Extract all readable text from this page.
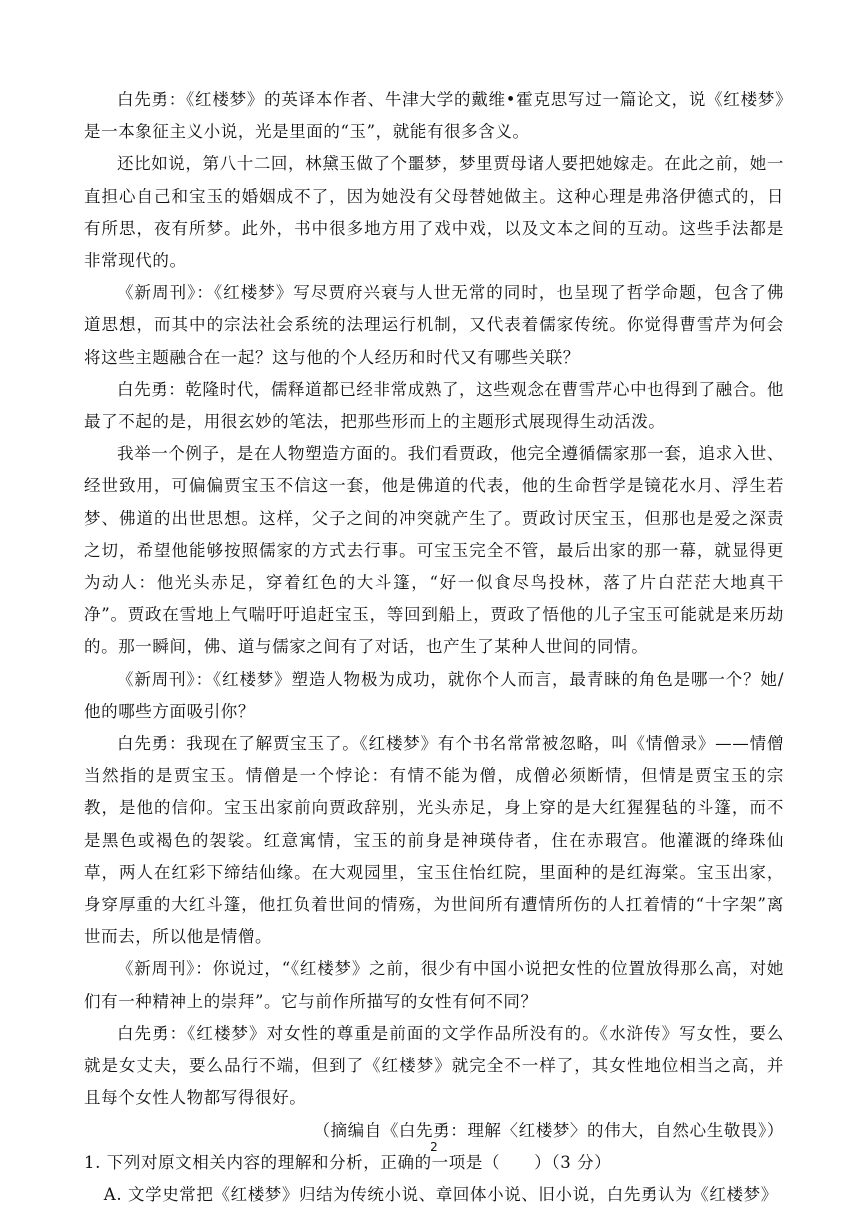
白先勇：《红楼梦》的英译本作者、牛津大学的戴维•霍克思写过一篇论文，说《红楼梦》是一本象征主义小说，光是里面的“玉”，就能有很多含义。

还比如说，第八十二回，林黛玉做了个噩梦，梦里贾母诸人要把她嫁走。在此之前，她一直担心自己和宝玉的婚姻成不了，因为她没有父母替她做主。这种心理是弗洛伊德式的，日有所思，夜有所梦。此外，书中很多地方用了戏中戏，以及文本之间的互动。这些手法都是非常现代的。

《新周刊》：《红楼梦》写尽贾府兴衰与人世无常的同时，也呈现了哲学命题，包含了佛道思想，而其中的宗法社会系统的法理运行机制，又代表着儒家传统。你觉得曹雪芹为何会将这些主题融合在一起？这与他的个人经历和时代又有哪些关联？

白先勇：乾隆时代，儒释道都已经非常成熟了，这些观念在曹雪芹心中也得到了融合。他最了不起的是，用很玄妙的笔法，把那些形而上的主题形式展现得生动活泼。

我举一个例子，是在人物塑造方面的。我们看贾政，他完全遵循儒家那一套，追求入世、经世致用，可偏偏贾宝玉不信这一套，他是佛道的代表，他的生命哲学是镜花水月、浮生若梦、佛道的出世思想。这样，父子之间的冲突就产生了。贾政讨厌宝玉，但那也是爱之深责之切，希望他能够按照儒家的方式去行事。可宝玉完全不管，最后出家的那一幕，就显得更为动人：他光头赤足，穿着红色的大斗篷，“好一似食尽鸟投林，落了片白茫茫大地真干净”。贾政在雪地上气喘吁吁追赶宝玉，等回到船上，贾政了悟他的儿子宝玉可能就是来历劫的。那一瞬间，佛、道与儒家之间有了对话，也产生了某种人世间的同情。

《新周刊》：《红楼梦》塑造人物极为成功，就你个人而言，最青睐的角色是哪一个？她/他的哪些方面吸引你？

白先勇：我现在了解贾宝玉了。《红楼梦》有个书名常常被忽略，叫《情僧录》——情僧当然指的是贾宝玉。情僧是一个悖论：有情不能为僧，成僧必须断情，但情是贾宝玉的宗教，是他的信仰。宝玉出家前向贾政辞别，光头赤足，身上穿的是大红猩猩毡的斗篷，而不是黑色或褐色的袈裟。红意寓情，宝玉的前身是神瑛侍者，住在赤瑕宫。他灌溉的绛珠仙草，两人在红彩下缔结仙缘。在大观园里，宝玉住怡红院，里面种的是红海棠。宝玉出家，身穿厚重的大红斗篷，他扛负着世间的情殇，为世间所有遭情所伤的人扛着情的“十字架”离世而去，所以他是情僧。

《新周刊》：你说过，“《红楼梦》之前，很少有中国小说把女性的位置放得那么高，对她们有一种精神上的崇拜”。它与前作所描写的女性有何不同？

白先勇：《红楼梦》对女性的尊重是前面的文学作品所没有的。《水浒传》写女性，要么就是女丈夫，要么品行不端，但到了《红楼梦》就完全不一样了，其女性地位相当之高，并且每个女性人物都写得很好。

（摘编自《白先勇：理解〈红楼梦〉的伟大，自然心生敬畏》）

1. 下列对原文相关内容的理解和分析，正确的一项是（　　）（3 分）

A. 文学史常把《红楼梦》归结为传统小说、章回体小说、旧小说，白先勇认为《红楼梦》

2
